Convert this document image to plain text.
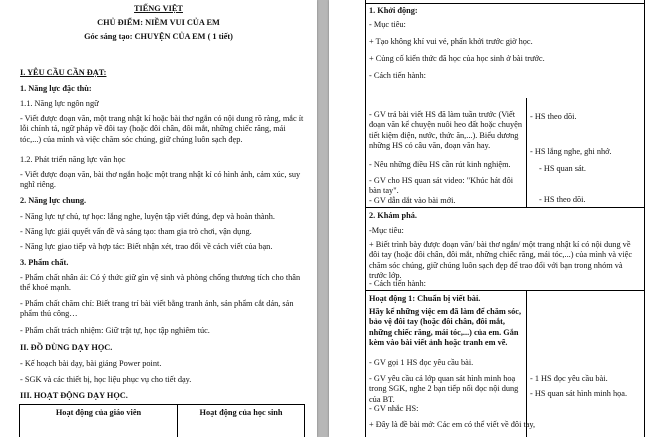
TIẾNG VIỆT
CHỦ ĐIỂM: NIỀM VUI CỦA EM
Góc sáng tạo: CHUYỆN CỦA EM ( 1 tiết)
I. YÊU CẦU CẦN ĐẠT:
1. Năng lực đặc thù:
1.1. Năng lực ngôn ngữ
- Viết được đoạn văn, một trang nhật kí hoặc bài thơ ngắn có nội dung rõ ràng, mắc ít lỗi chính tả, ngữ pháp về đôi tay (hoặc đôi chân, đôi mắt, những chiếc răng, mái tóc,...) của mình và việc chăm sóc chúng, giữ chúng luôn sạch đẹp.
1.2. Phát triển năng lực văn học
- Viết được đoạn văn, bài thơ ngắn hoặc một trang nhật kí có hình ảnh, cảm xúc, suy nghĩ riêng.
2. Năng lực chung.
- Năng lực tự chủ, tự học: lắng nghe, luyện tập viết đúng, đẹp và hoàn thành.
- Năng lực giải quyết vấn đề và sáng tạo: tham gia trò chơi, vận dụng.
- Năng lực giao tiếp và hợp tác: Biết nhận xét, trao đổi về cách viết của bạn.
3. Phẩm chất.
- Phẩm chất nhân ái: Có ý thức giữ gìn vệ sinh và phòng chống thương tích cho thân thể khoẻ mạnh.
- Phẩm chất chăm chỉ: Biết trang trí bài viết bằng tranh ảnh, sản phẩm cắt dán, sản phẩm thủ công…
- Phẩm chất trách nhiệm: Giữ trật tự, học tập nghiêm túc.
II. ĐỒ DÙNG DẠY HỌC.
- Kế hoạch bài dạy, bài giảng Power point.
- SGK và các thiết bị, học liệu phục vụ cho tiết dạy.
III. HOẠT ĐỘNG DẠY HỌC.
Hoạt động của giáo viên	Hoạt động của học sinh
1. Khởi động:
- Mục tiêu:
+ Tạo không khí vui vẻ, phấn khởi trước giờ học.
+ Củng cố kiến thức đã học của học sinh ở bài trước.
- Cách tiến hành:
- GV trả bài viết HS đã làm tuần trước (Viết đoạn văn kể chuyện nuôi heo đất hoặc chuyện tiết kiệm điện, nước, thức ăn,...). Biểu dương những HS có câu văn, đoạn văn hay.
- Nêu những điều HS cần rút kinh nghiệm.
- GV cho HS quan sát video: "Khúc hát đôi bàn tay".
- GV dẫn dắt vào bài mới.
- HS theo dõi.
- HS lắng nghe, ghi nhớ.
- HS quan sát.
- HS theo dõi.
2. Khám phá.
-Mục tiêu:
+ Biết trình bày được đoạn văn/ bài thơ ngắn/ một trang nhật kí có nội dung về đôi tay (hoặc đôi chân, đôi mắt, những chiếc răng, mái tóc,...) của mình và việc chăm sóc chúng, giữ chúng luôn sạch đẹp để trao đổi với bạn trong nhóm và trước lớp.
- Cách tiến hành:
Hoạt động 1: Chuẩn bị viết bài.
Hãy kể những việc em đã làm để chăm sóc, bảo vệ đôi tay (hoặc đôi chân, đôi mắt, những chiếc răng, mái tóc,...) của em. Gắn kèm vào bài viết ảnh hoặc tranh em vẽ.
- GV gọi 1 HS đọc yêu cầu bài.
- GV yêu cầu cả lớp quan sát hình minh hoạ trong SGK, nghe 2 bạn tiếp nối đọc nội dung của BT.
- GV nhắc HS:
+ Đây là đề bài mở: Các em có thể viết về đôi tay,
- 1 HS đọc yêu cầu bài.
- HS quan sát hình minh họa.
